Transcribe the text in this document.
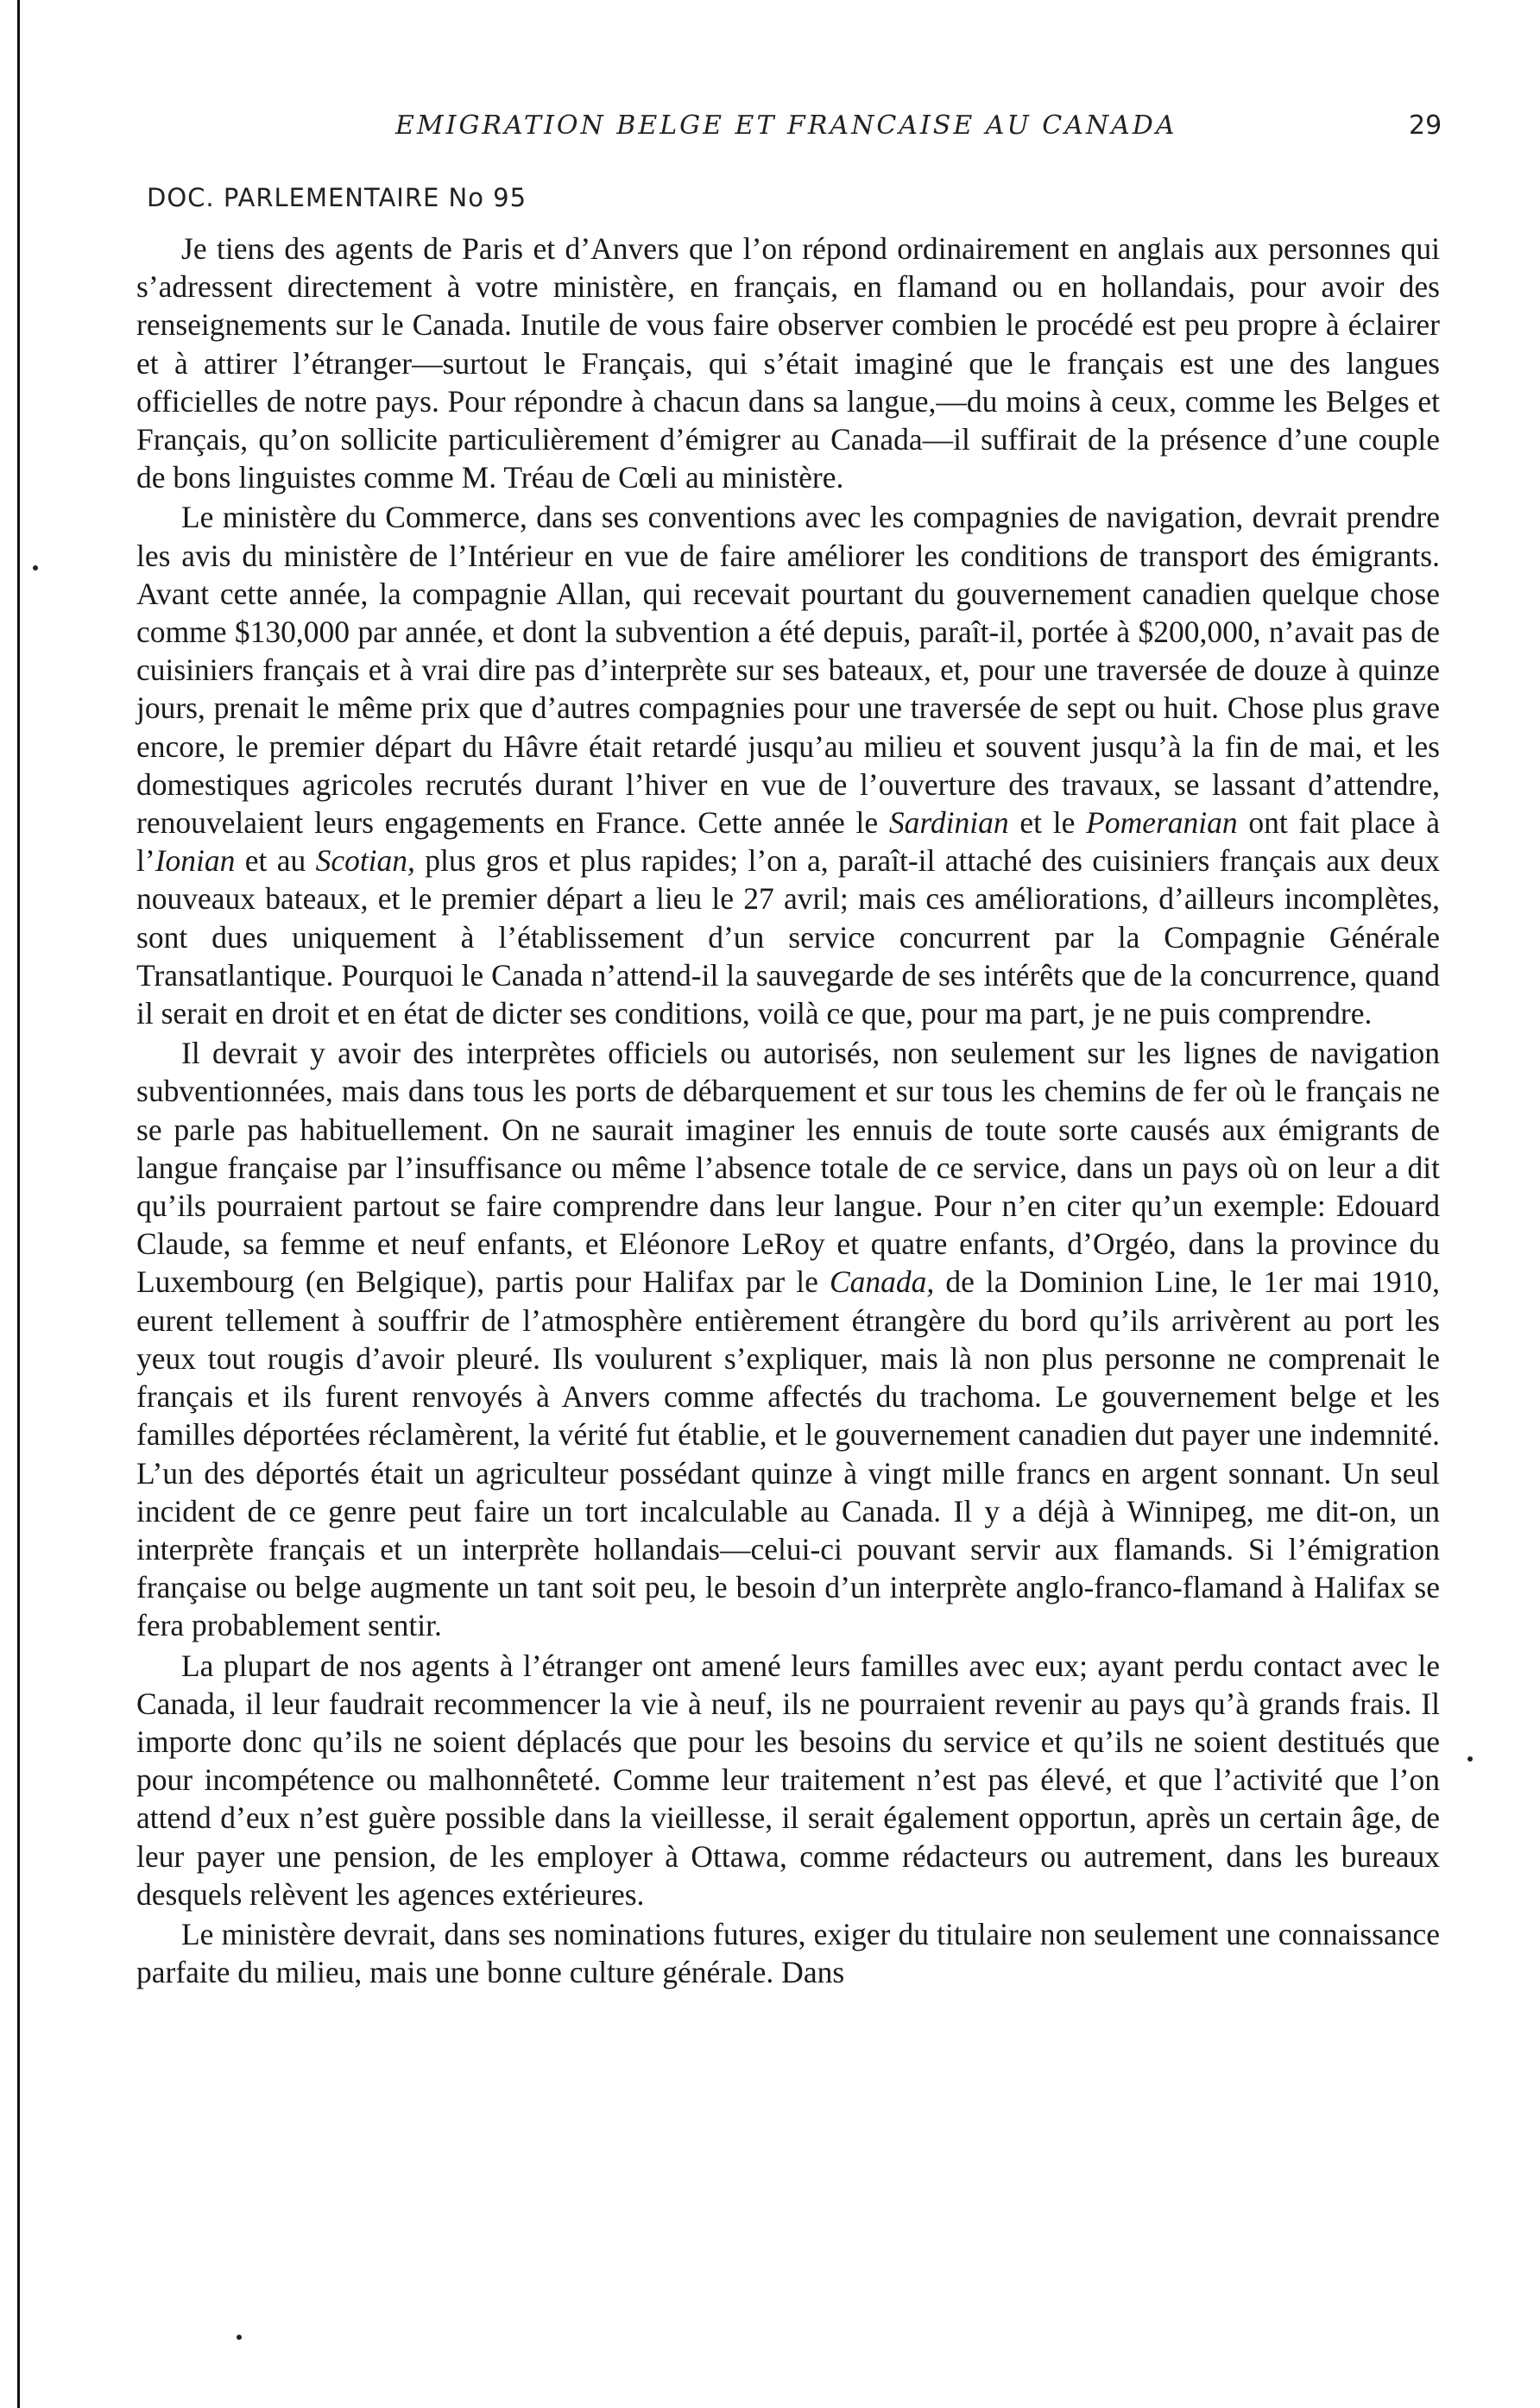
EMIGRATION BELGE ET FRANCAISE AU CANADA	29
DOC. PARLEMENTAIRE No 95

Je tiens des agents de Paris et d’Anvers que l’on répond ordinairement en anglais aux personnes qui s’adressent directement à votre ministère, en français, en flamand ou en hollandais, pour avoir des renseignements sur le Canada. Inutile de vous faire observer combien le procédé est peu propre à éclairer et à attirer l’étranger—surtout le Français, qui s’était imaginé que le français est une des langues officielles de notre pays. Pour répondre à chacun dans sa langue,—du moins à ceux, comme les Belges et Français, qu’on sollicite particulièrement d’émigrer au Canada—il suffirait de la présence d’une couple de bons linguistes comme M. Tréau de Cœli au ministère.

Le ministère du Commerce, dans ses conventions avec les compagnies de navigation, devrait prendre les avis du ministère de l’Intérieur en vue de faire améliorer les conditions de transport des émigrants. Avant cette année, la compagnie Allan, qui recevait pourtant du gouvernement canadien quelque chose comme $130,000 par année, et dont la subvention a été depuis, paraît-il, portée à $200,000, n’avait pas de cuisiniers français et à vrai dire pas d’interprète sur ses bateaux, et, pour une traversée de douze à quinze jours, prenait le même prix que d’autres compagnies pour une traversée de sept ou huit. Chose plus grave encore, le premier départ du Hâvre était retardé jusqu’au milieu et souvent jusqu’à la fin de mai, et les domestiques agricoles recrutés durant l’hiver en vue de l’ouverture des travaux, se lassant d’attendre, renouvelaient leurs engagements en France. Cette année le Sardinian et le Pomeranian ont fait place à l’Ionian et au Scotian, plus gros et plus rapides; l’on a, paraît-il attaché des cuisiniers français aux deux nouveaux bateaux, et le premier départ a lieu le 27 avril; mais ces améliorations, d’ailleurs incomplètes, sont dues uniquement à l’établissement d’un service concurrent par la Compagnie Générale Transatlantique. Pourquoi le Canada n’attend-il la sauvegarde de ses intérêts que de la concurrence, quand il serait en droit et en état de dicter ses conditions, voilà ce que, pour ma part, je ne puis comprendre.

Il devrait y avoir des interprètes officiels ou autorisés, non seulement sur les lignes de navigation subventionnées, mais dans tous les ports de débarquement et sur tous les chemins de fer où le français ne se parle pas habituellement. On ne saurait imaginer les ennuis de toute sorte causés aux émigrants de langue française par l’insuffisance ou même l’absence totale de ce service, dans un pays où on leur a dit qu’ils pourraient partout se faire comprendre dans leur langue. Pour n’en citer qu’un exemple: Edouard Claude, sa femme et neuf enfants, et Eléonore LeRoy et quatre enfants, d’Orgéo, dans la province du Luxembourg (en Belgique), partis pour Halifax par le Canada, de la Dominion Line, le 1er mai 1910, eurent tellement à souffrir de l’atmosphère entièrement étrangère du bord qu’ils arrivèrent au port les yeux tout rougis d’avoir pleuré. Ils voulurent s’expliquer, mais là non plus personne ne comprenait le français et ils furent renvoyés à Anvers comme affectés du trachoma. Le gouvernement belge et les familles déportées réclamèrent, la vérité fut établie, et le gouvernement canadien dut payer une indemnité. L’un des déportés était un agriculteur possédant quinze à vingt mille francs en argent sonnant. Un seul incident de ce genre peut faire un tort incalculable au Canada. Il y a déjà à Winnipeg, me dit-on, un interprète français et un interprète hollandais—celui-ci pouvant servir aux flamands. Si l’émigration française ou belge augmente un tant soit peu, le besoin d’un interprète anglo-franco-flamand à Halifax se fera probablement sentir.

La plupart de nos agents à l’étranger ont amené leurs familles avec eux; ayant perdu contact avec le Canada, il leur faudrait recommencer la vie à neuf, ils ne pourraient revenir au pays qu’à grands frais. Il importe donc qu’ils ne soient déplacés que pour les besoins du service et qu’ils ne soient destitués que pour incompétence ou malhonnêteté. Comme leur traitement n’est pas élevé, et que l’activité que l’on attend d’eux n’est guère possible dans la vieillesse, il serait également opportun, après un certain âge, de leur payer une pension, de les employer à Ottawa, comme rédacteurs ou autrement, dans les bureaux desquels relèvent les agences extérieures.

Le ministère devrait, dans ses nominations futures, exiger du titulaire non seulement une connaissance parfaite du milieu, mais une bonne culture générale. Dans
